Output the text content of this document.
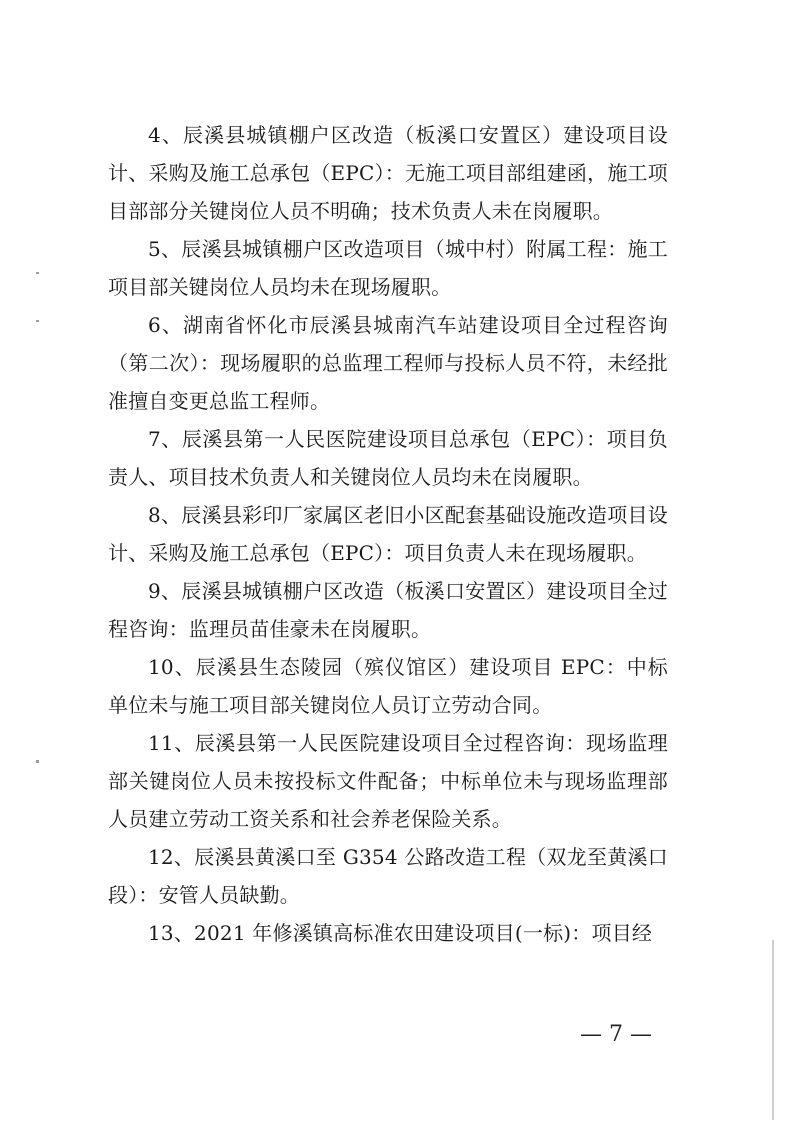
4、辰溪县城镇棚户区改造（板溪口安置区）建设项目设计、采购及施工总承包（EPC）：无施工项目部组建函，施工项目部部分关键岗位人员不明确；技术负责人未在岗履职。

5、辰溪县城镇棚户区改造项目（城中村）附属工程：施工项目部关键岗位人员均未在现场履职。

6、湖南省怀化市辰溪县城南汽车站建设项目全过程咨询（第二次）：现场履职的总监理工程师与投标人员不符，未经批准擅自变更总监工程师。

7、辰溪县第一人民医院建设项目总承包（EPC）：项目负责人、项目技术负责人和关键岗位人员均未在岗履职。

8、辰溪县彩印厂家属区老旧小区配套基础设施改造项目设计、采购及施工总承包（EPC）：项目负责人未在现场履职。

9、辰溪县城镇棚户区改造（板溪口安置区）建设项目全过程咨询：监理员苗佳豪未在岗履职。

10、辰溪县生态陵园（殡仪馆区）建设项目 EPC：中标单位未与施工项目部关键岗位人员订立劳动合同。

11、辰溪县第一人民医院建设项目全过程咨询：现场监理部关键岗位人员未按投标文件配备；中标单位未与现场监理部人员建立劳动工资关系和社会养老保险关系。

12、辰溪县黄溪口至 G354 公路改造工程（双龙至黄溪口段）：安管人员缺勤。

13、2021 年修溪镇高标准农田建设项目(一标)：项目经

— 7 —
